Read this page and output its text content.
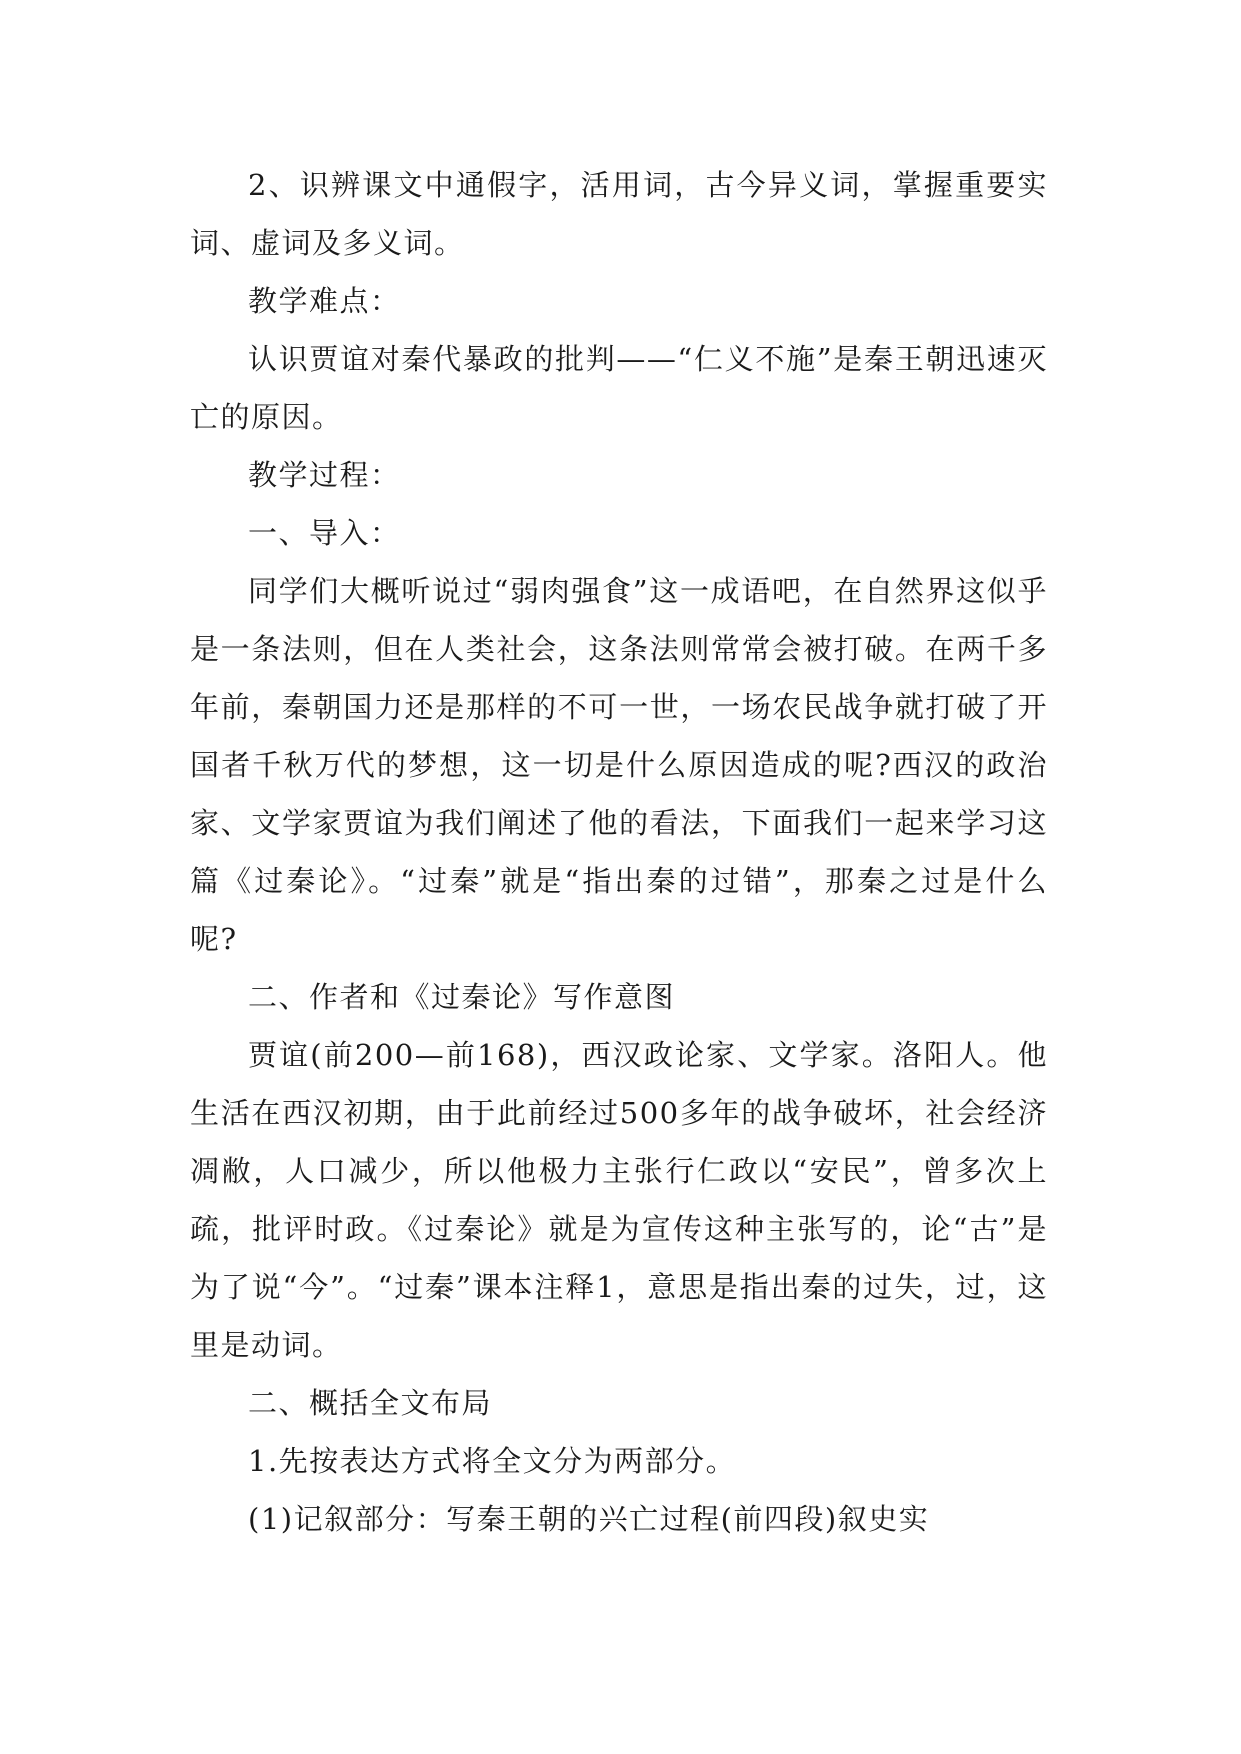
2、识辨课文中通假字，活用词，古今异义词，掌握重要实词、虚词及多义词。

教学难点：

认识贾谊对秦代暴政的批判——“仁义不施”是秦王朝迅速灭亡的原因。

教学过程：

一、导入：

同学们大概听说过“弱肉强食”这一成语吧，在自然界这似乎是一条法则，但在人类社会，这条法则常常会被打破。在两千多年前，秦朝国力还是那样的不可一世，一场农民战争就打破了开国者千秋万代的梦想，这一切是什么原因造成的呢?西汉的政治家、文学家贾谊为我们阐述了他的看法，下面我们一起来学习这篇《过秦论》。“过秦”就是“指出秦的过错”，那秦之过是什么呢?

二、作者和《过秦论》写作意图

贾谊(前200—前168)，西汉政论家、文学家。洛阳人。他生活在西汉初期，由于此前经过500多年的战争破坏，社会经济凋敝，人口减少，所以他极力主张行仁政以“安民”，曾多次上疏，批评时政。《过秦论》就是为宣传这种主张写的，论“古”是为了说“今”。“过秦”课本注释1，意思是指出秦的过失，过，这里是动词。

二、概括全文布局

1.先按表达方式将全文分为两部分。

(1)记叙部分：写秦王朝的兴亡过程(前四段)叙史实
